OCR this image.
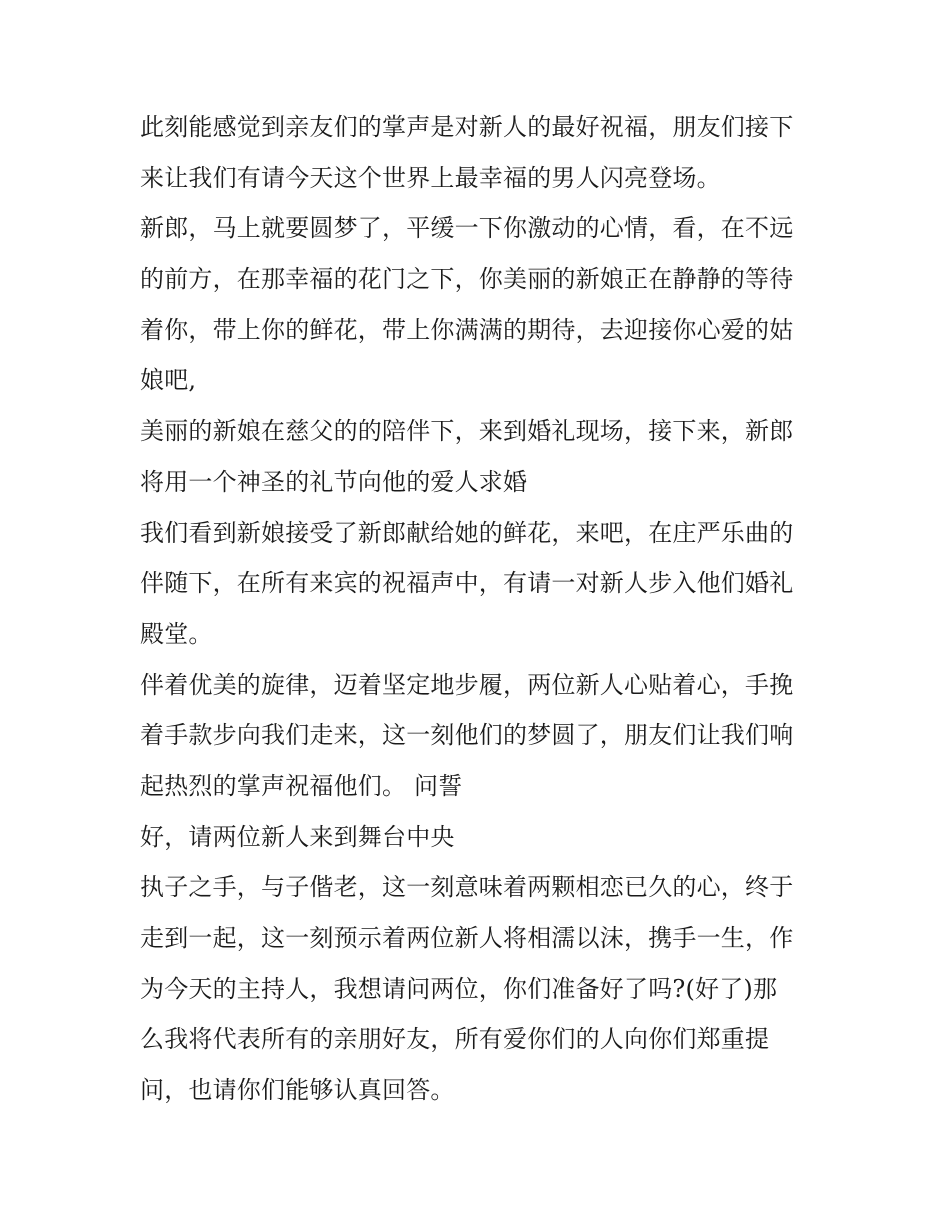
此刻能感觉到亲友们的掌声是对新人的最好祝福，朋友们接下
来让我们有请今天这个世界上最幸福的男人闪亮登场。
新郎，马上就要圆梦了，平缓一下你激动的心情，看，在不远
的前方，在那幸福的花门之下，你美丽的新娘正在静静的等待
着你，带上你的鲜花，带上你满满的期待，去迎接你心爱的姑
娘吧,
美丽的新娘在慈父的的陪伴下，来到婚礼现场，接下来，新郎
将用一个神圣的礼节向他的爱人求婚
我们看到新娘接受了新郎献给她的鲜花，来吧，在庄严乐曲的
伴随下，在所有来宾的祝福声中，有请一对新人步入他们婚礼
殿堂。
伴着优美的旋律，迈着坚定地步履，两位新人心贴着心，手挽
着手款步向我们走来，这一刻他们的梦圆了，朋友们让我们响
起热烈的掌声祝福他们。 问誓
好，请两位新人来到舞台中央
执子之手，与子偕老，这一刻意味着两颗相恋已久的心，终于
走到一起，这一刻预示着两位新人将相濡以沫，携手一生，作
为今天的主持人，我想请问两位，你们准备好了吗?(好了)那
么我将代表所有的亲朋好友，所有爱你们的人向你们郑重提
问，也请你们能够认真回答。
